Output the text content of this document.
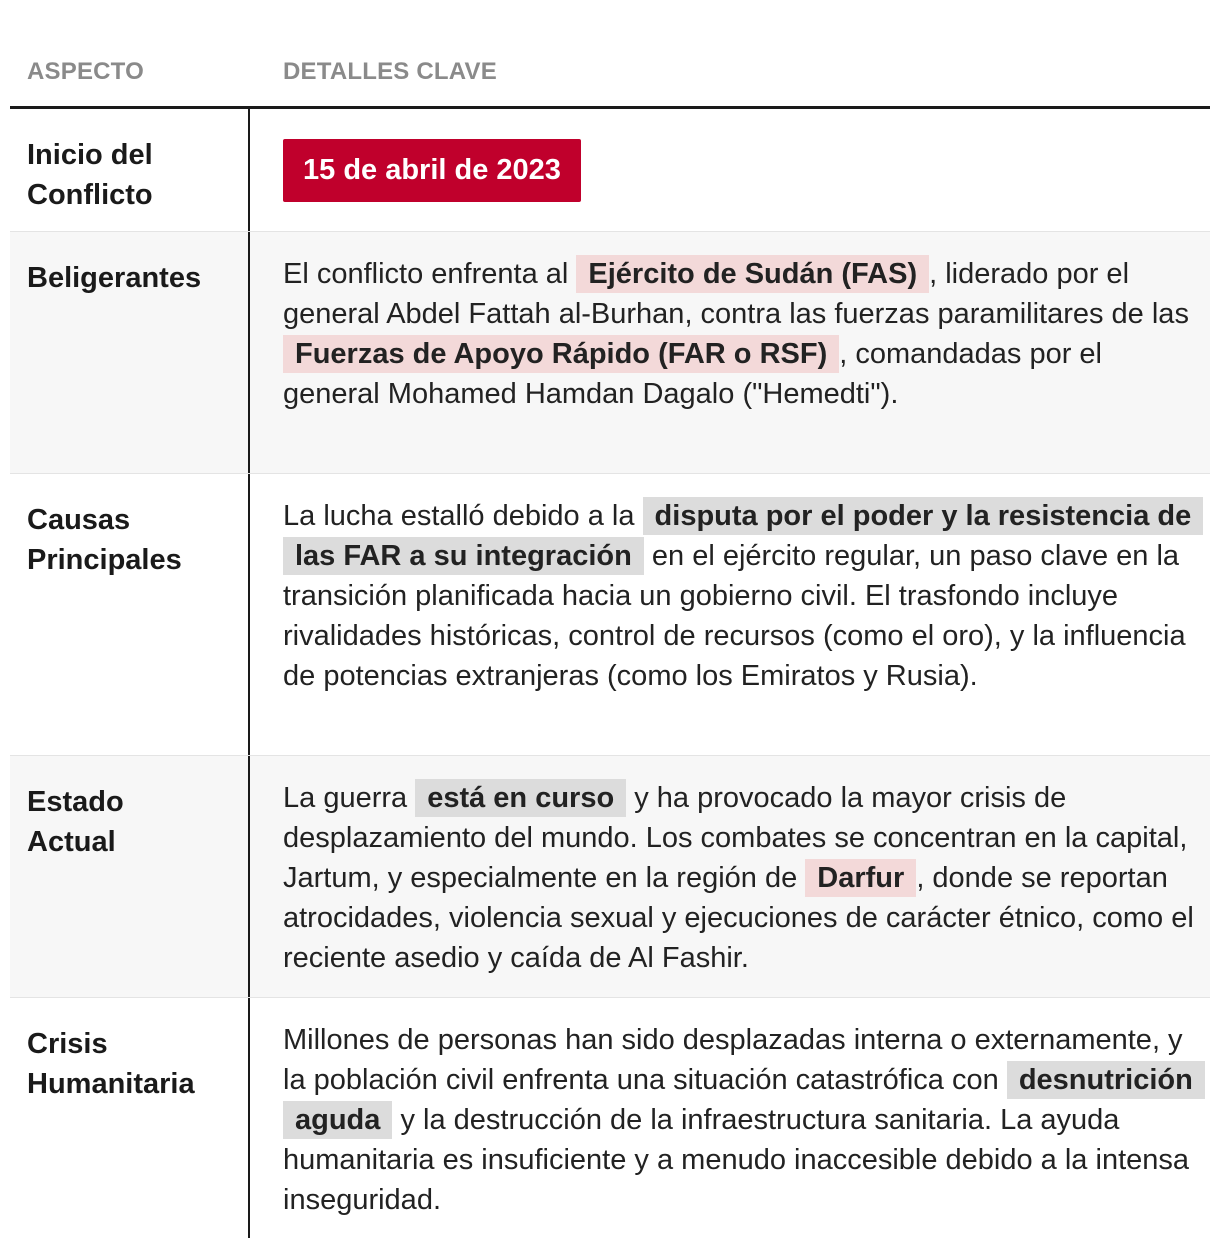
ASPECTO	DETALLES CLAVE
Inicio del Conflicto
15 de abril de 2023
Beligerantes	El conflicto enfrenta al Ejército de Sudán (FAS) , liderado por el general Abdel Fattah al-Burhan, contra las fuerzas paramilitares de las Fuerzas de Apoyo Rápido (FAR o RSF) , comandadas por el general Mohamed Hamdan Dagalo ("Hemedti").
Causas Principales
La lucha estalló debido a la disputa por el poder y la resistencia de las FAR a su integración en el ejército regular, un paso clave en la transición planificada hacia un gobierno civil. El trasfondo incluye rivalidades históricas, control de recursos (como el oro), y la influencia de potencias extranjeras (como los Emiratos y Rusia).
Estado Actual
La guerra está en curso y ha provocado la mayor crisis de desplazamiento del mundo. Los combates se concentran en la capital, Jartum, y especialmente en la región de Darfur , donde se reportan atrocidades, violencia sexual y ejecuciones de carácter étnico, como el reciente asedio y caída de Al Fashir.
Crisis Humanitaria
Millones de personas han sido desplazadas interna o externamente, y la población civil enfrenta una situación catastrófica con desnutrición aguda y la destrucción de la infraestructura sanitaria. La ayuda humanitaria es insuficiente y a menudo inaccesible debido a la intensa inseguridad.
